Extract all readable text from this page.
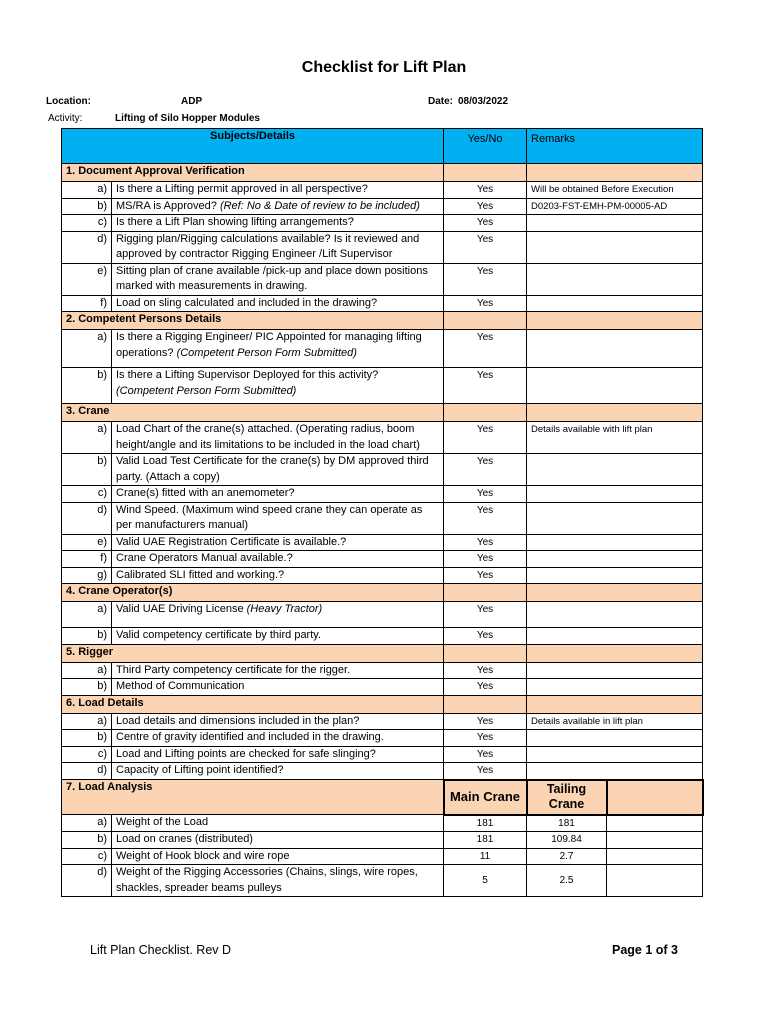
Checklist for Lift Plan
Location:	ADP	Date: 08/03/2022
Activity:	Lifting of Silo Hopper Modules
Subjects/Details		Yes/No	Remarks	
1. Document Approval Verification				
a)	Is there a Lifting permit approved in all perspective?	Yes	Will be obtained Before Execution	
b)	MS/RA is Approved? (Ref: No & Date of review to be included)	Yes	D0203-FST-EMH-PM-00005-AD	
c)	Is there a Lift Plan showing lifting arrangements?	Yes		
d)	Rigging plan/Rigging calculations available? Is it reviewed and approved by contractor Rigging Engineer /Lift Supervisor	Yes		
e)	Sitting plan of crane available /pick-up and place down positions marked with measurements in drawing.	Yes		
f)	Load on sling calculated and included in the drawing?	Yes		
2. Competent Persons Details				
a)	Is there a Rigging Engineer/ PIC Appointed for managing lifting operations? (Competent Person Form Submitted)	Yes		
b)	Is there a Lifting Supervisor Deployed for this activity?
(Competent Person Form Submitted)	Yes		
3. Crane				
a)	Load Chart of the crane(s) attached. (Operating radius, boom height/angle and its limitations to be included in the load chart)	Yes	Details available with lift plan	
b)	Valid Load Test Certificate for the crane(s) by DM approved third party. (Attach a copy)	Yes		
c)	Crane(s) fitted with an anemometer?	Yes		
d)	Wind Speed. (Maximum wind speed crane they can operate as per manufacturers manual)	Yes		
e)	Valid UAE Registration Certificate is available.?	Yes		
f)	Crane Operators Manual available.?	Yes		
g)	Calibrated SLI fitted and working.?	Yes		
4. Crane Operator(s)				
a)	Valid UAE Driving License (Heavy Tractor)	Yes		
b)	Valid competency certificate by third party.	Yes		
5. Rigger				
a)	Third Party competency certificate for the rigger.	Yes		
b)	Method of Communication	Yes		
6. Load Details				
a)	Load details and dimensions included in the plan?	Yes	Details available in lift plan	
b)	Centre of gravity identified and included in the drawing.	Yes		
c)	Load and Lifting points are checked for safe slinging?	Yes		
d)	Capacity of Lifting point identified?	Yes		
7. Load Analysis		Main Crane	Tailing Crane	
a)	Weight of the Load	181	181	
b)	Load on cranes (distributed)	181	109.84	
c)	Weight of Hook block and wire rope	11	2.7	
d)	Weight of the Rigging Accessories (Chains, slings, wire ropes, shackles, spreader beams pulleys	5	2.5	
Lift Plan Checklist. Rev D	Page 1 of 3
